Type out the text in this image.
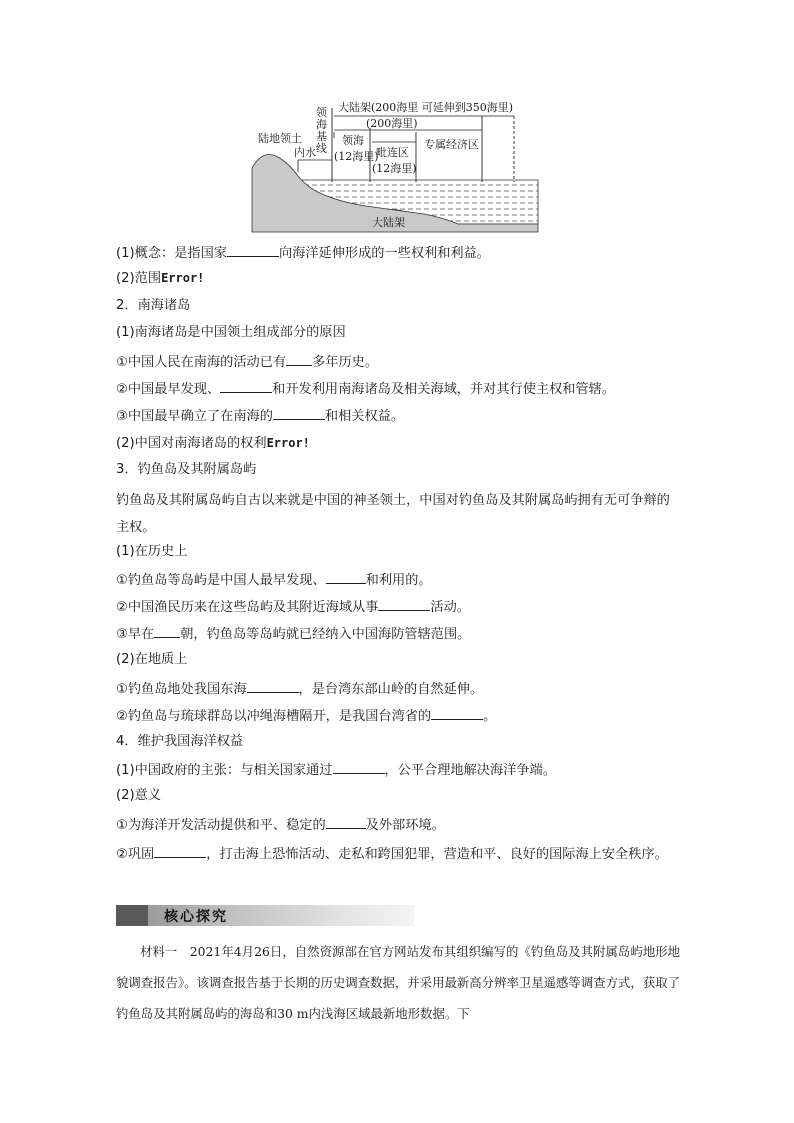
领
海
基
线
大陆架(200海里 可延伸到350海里)
(200海里)
陆地领土
内水
领海
(12海里)
毗连区
(12海里)
专属经济区
大陆架
(1)概念：是指国家	向海洋延伸形成的一些权利和利益。
(2)范围Error!
2．南海诸岛
(1)南海诸岛是中国领土组成部分的原因
①中国人民在南海的活动已有 多年历史。
②中国最早发现、	和开发利用南海诸岛及相关海域，并对其行使主权和管辖。
③中国最早确立了在南海的	和相关权益。
(2)中国对南海诸岛的权利Error!
3．钓鱼岛及其附属岛屿
钓鱼岛及其附属岛屿自古以来就是中国的神圣领土，中国对钓鱼岛及其附属岛屿拥有无可争辩的主权。
(1)在历史上
①钓鱼岛等岛屿是中国人最早发现、	和利用的。
②中国渔民历来在这些岛屿及其附近海域从事	活动。
③早在 朝，钓鱼岛等岛屿就已经纳入中国海防管辖范围。
(2)在地质上
①钓鱼岛地处我国东海	，是台湾东部山岭的自然延伸。
②钓鱼岛与琉球群岛以冲绳海槽隔开，是我国台湾省的	。
4．维护我国海洋权益
(1)中国政府的主张：与相关国家通过	，公平合理地解决海洋争端。
(2)意义
①为海洋开发活动提供和平、稳定的	及外部环境。
②巩固	，打击海上恐怖活动、走私和跨国犯罪，营造和平、良好的国际海上安全秩序。
核心探究
材料一　2021年4月26日，自然资源部在官方网站发布其组织编写的《钓鱼岛及其附属岛屿地形地貌调查报告》。该调查报告基于长期的历史调查数据，并采用最新高分辨率卫星遥感等调查方式，获取了钓鱼岛及其附属岛屿的海岛和30 m内浅海区域最新地形数据。下
